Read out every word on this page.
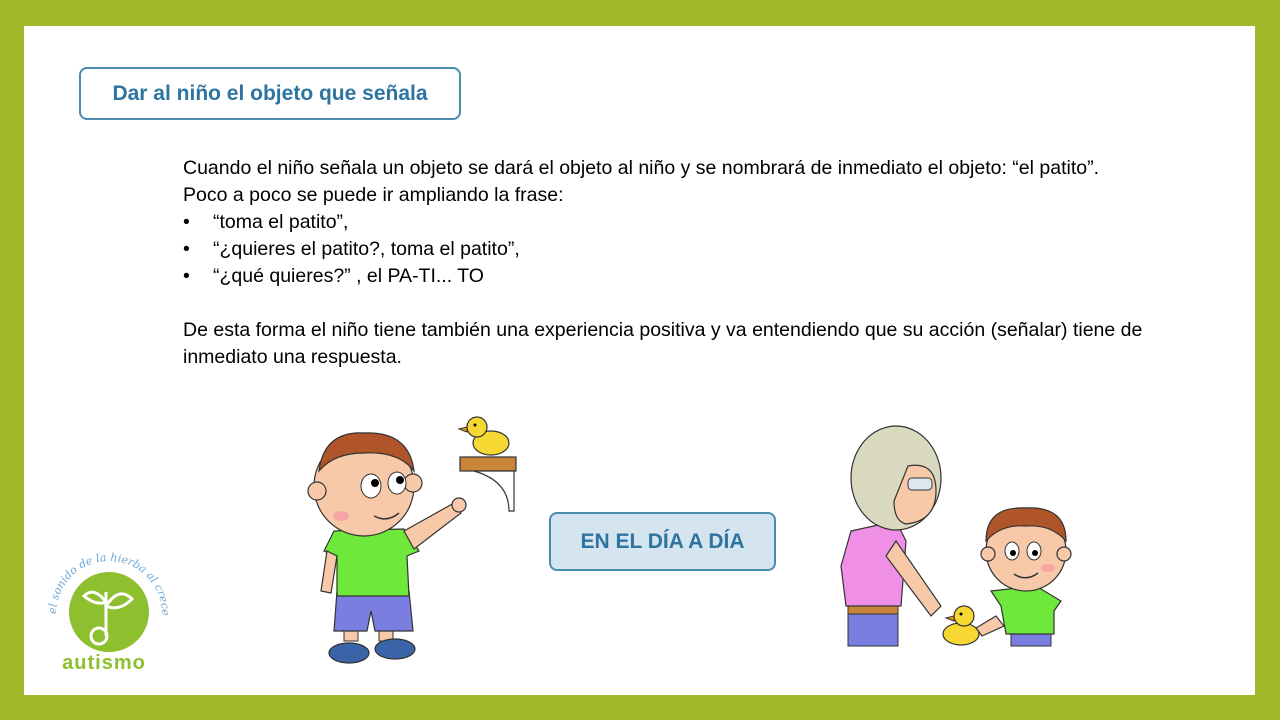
Dar al niño el objeto que señala

Cuando el niño señala un objeto se dará el objeto al niño y se nombrará de inmediato el objeto: “el patito”. Poco a poco se puede ir ampliando la frase:

• “toma el patito”,
• “¿quieres el patito?, toma el patito”,
• “¿qué quieres?” , el PA-TI... TO

De esta forma el niño tiene también una experiencia positiva y va entendiendo que su acción (señalar) tiene de inmediato una respuesta.

EN EL DÍA A DÍA
el sonido de la hierba al crecer
autismo
